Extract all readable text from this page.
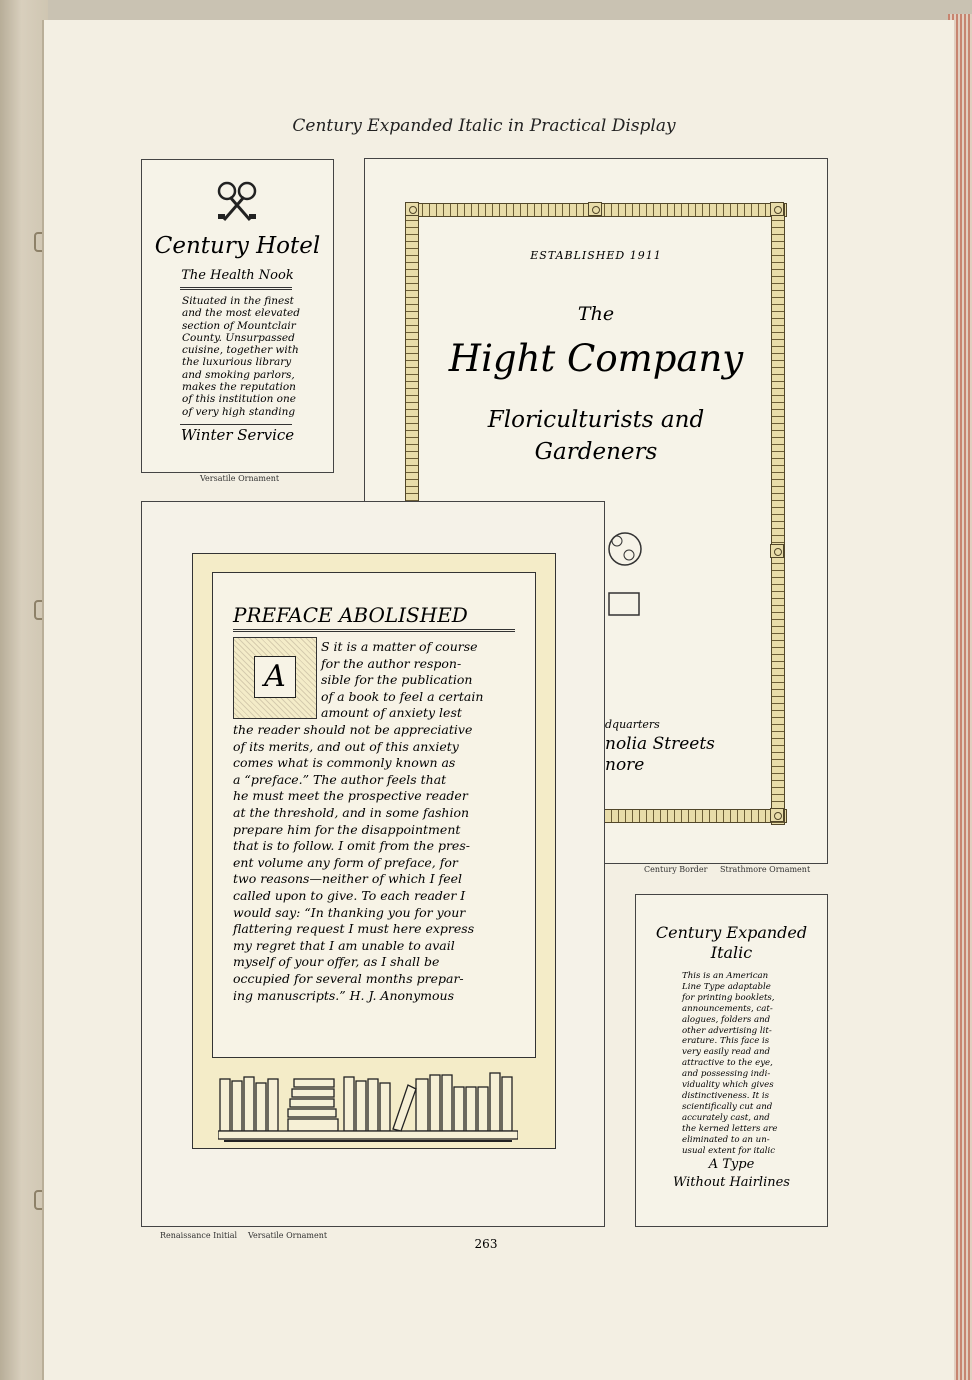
Century Expanded Italic in Practical Display
Century Hotel
The Health Nook
Situated in the finest
and the most elevated
section of Mountclair
County. Unsurpassed
cuisine, together with
the luxurious library
and smoking parlors,
makes the reputation
of this institution one
of very high standing
Winter Service
Versatile Ornament
ESTABLISHED 1911
The
Hight Company
Floriculturists and
Gardeners
dquarters
nolia Streets
nore
Century Border Strathmore Ornament
PREFACE ABOLISHED
A
S it is a matter of course
for the author respon-
sible for the publication
of a book to feel a certain
amount of anxiety lest
the reader should not be appreciative
of its merits, and out of this anxiety
comes what is commonly known as
a “preface.” The author feels that
he must meet the prospective reader
at the threshold, and in some fashion
prepare him for the disappointment
that is to follow. I omit from the pres-
ent volume any form of preface, for
two reasons—neither of which I feel
called upon to give. To each reader I
would say: “In thanking you for your
flattering request I must here express
my regret that I am unable to avail
myself of your offer, as I shall be
occupied for several months prepar-
ing manuscripts.” H. J. Anonymous
Renaissance Initial Versatile Ornament
Century Expanded
Italic
This is an American
Line Type adaptable
for printing booklets,
announcements, cat-
alogues, folders and
other advertising lit-
erature. This face is
very easily read and
attractive to the eye,
and possessing indi-
viduality which gives
distinctiveness. It is
scientifically cut and
accurately cast, and
the kerned letters are
eliminated to an un-
usual extent for italic
A Type
Without Hairlines
263
